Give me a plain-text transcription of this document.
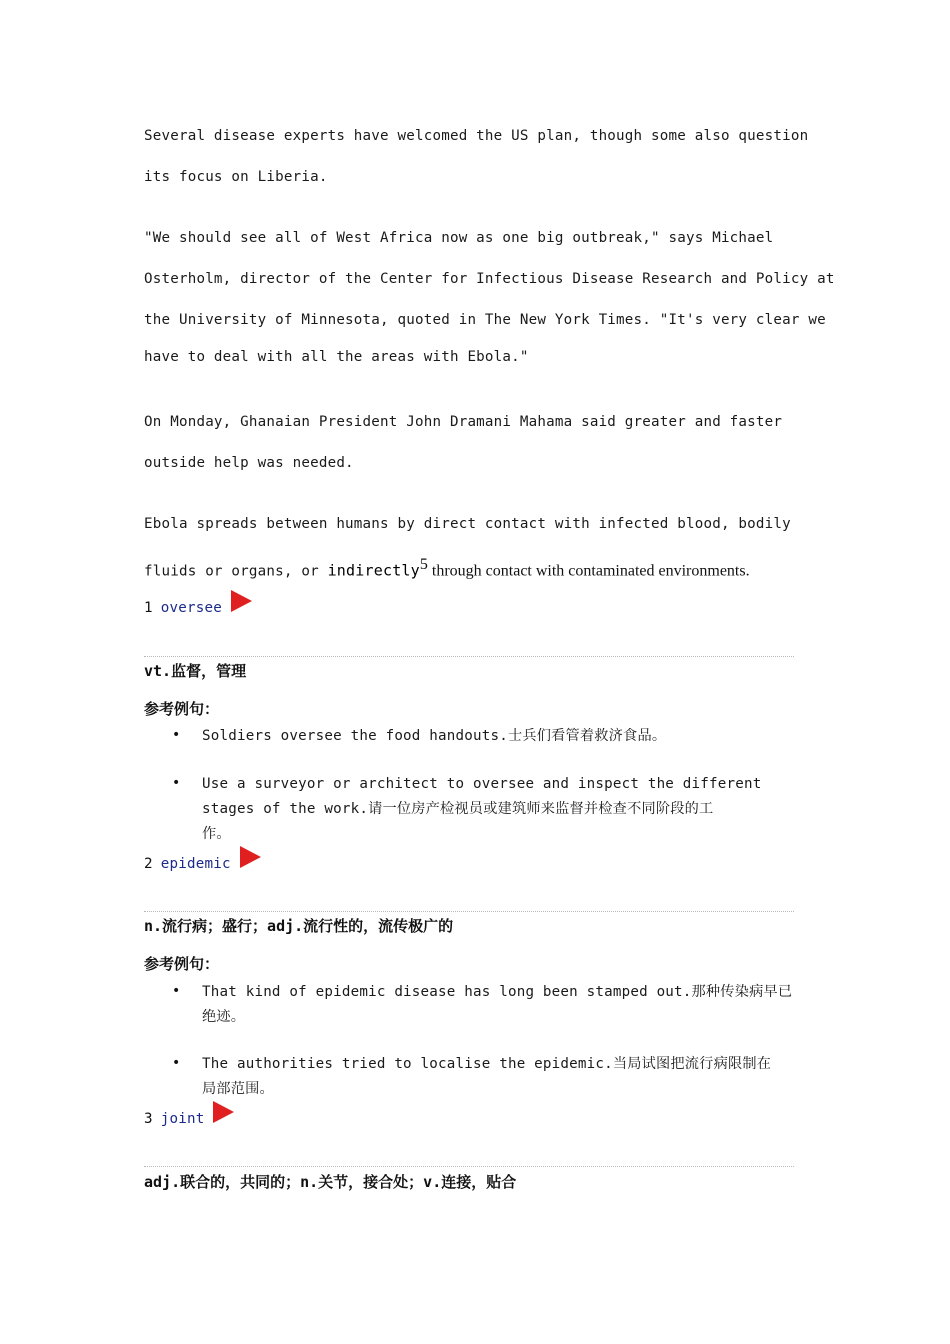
Several disease experts have welcomed the US plan, though some also question
its focus on Liberia.
"We should see all of West Africa now as one big outbreak," says Michael
Osterholm, director of the Center for Infectious Disease Research and Policy at
the University of Minnesota, quoted in The New York Times. "It's very clear we
have to deal with all the areas with Ebola."
On Monday, Ghanaian President John Dramani Mahama said greater and faster
outside help was needed.
Ebola spreads between humans by direct contact with infected blood, bodily
fluids or organs, or indirectly$^5$ through contact with contaminated environments.
1 oversee
vt.监督，管理
参考例句：
• Soldiers oversee the food handouts.士兵们看管着救济食品。
• Use a surveyor or architect to oversee and inspect the different
stages of the work.请一位房产检视员或建筑师来监督并检查不同阶段的工
作。
2 epidemic
n.流行病；盛行；adj.流行性的，流传极广的
参考例句：
• That kind of epidemic disease has long been stamped out.那种传染病早已
绝迹。
• The authorities tried to localise the epidemic.当局试图把流行病限制在
局部范围。
3 joint
adj.联合的，共同的；n.关节，接合处；v.连接，贴合
